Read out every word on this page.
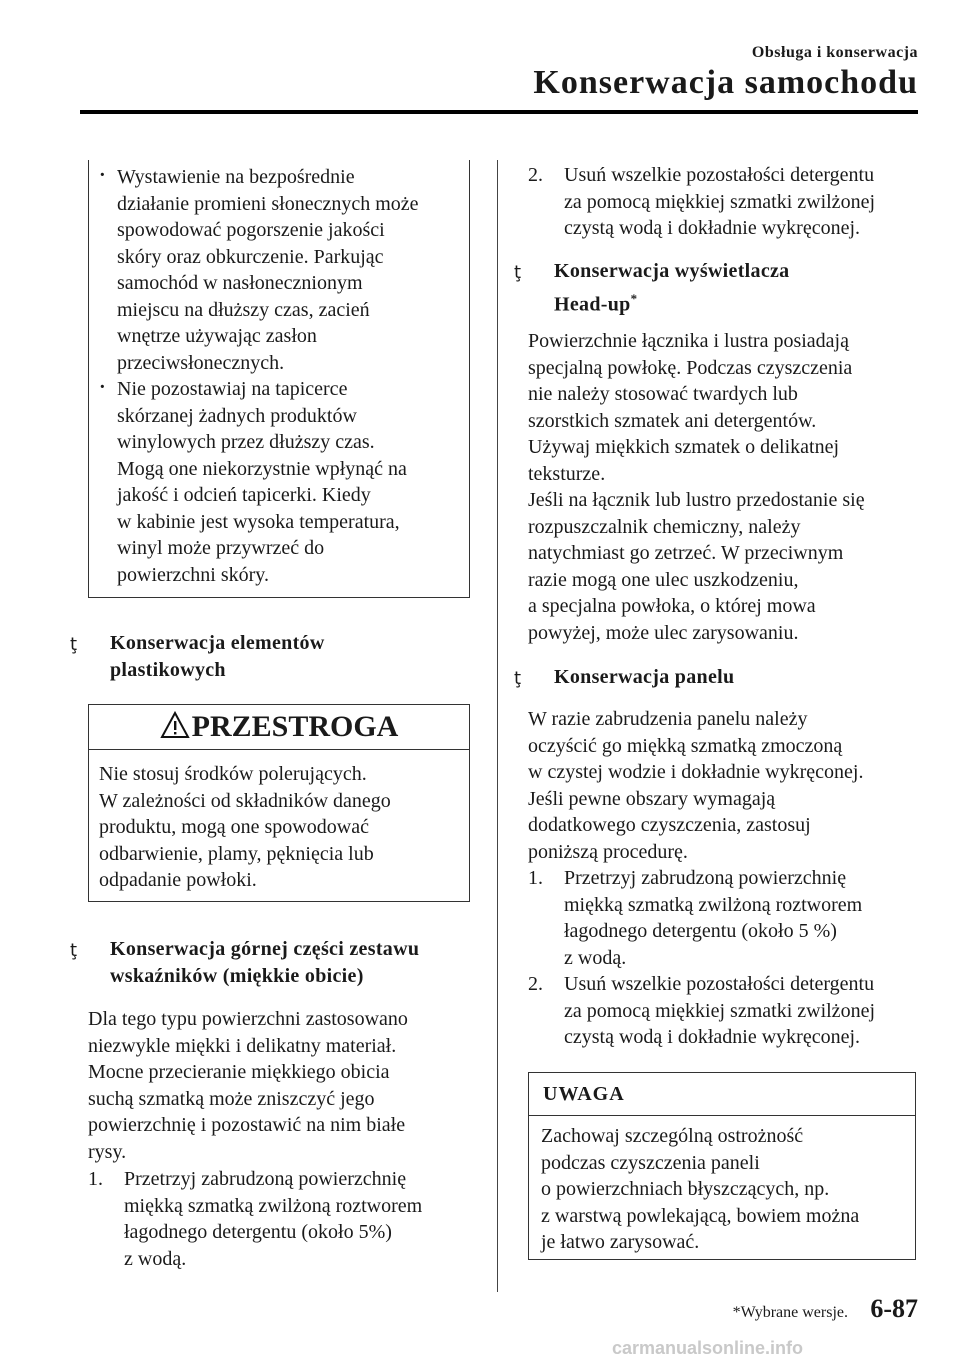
Obsługa i konserwacja
Konserwacja samochodu
· Wystawienie na bezpośrednie
działanie promieni słonecznych może
spowodować pogorszenie jakości
skóry oraz obkurczenie. Parkując
samochód w nasłonecznionym
miejscu na dłuższy czas, zacień
wnętrze używając zasłon
przeciwsłonecznych.
· Nie pozostawiaj na tapicerce
skórzanej żadnych produktów
winylowych przez dłuższy czas.
Mogą one niekorzystnie wpłynąć na
jakość i odcień tapicerki. Kiedy
w kabinie jest wysoka temperatura,
winyl może przywrzeć do
powierzchni skóry.
ţ Konserwacja elementów
plastikowych
PRZESTROGA
Nie stosuj środków polerujących.
W zależności od składników danego
produktu, mogą one spowodować
odbarwienie, plamy, pęknięcia lub
odpadanie powłoki.
ţ Konserwacja górnej części zestawu
wskaźników (miękkie obicie)
Dla tego typu powierzchni zastosowano
niezwykle miękki i delikatny materiał.
Mocne przecieranie miękkiego obicia
suchą szmatką może zniszczyć jego
powierzchnię i pozostawić na nim białe
rysy.
1. Przetrzyj zabrudzoną powierzchnię
miękką szmatką zwilżoną roztworem
łagodnego detergentu (około 5%)
z wodą.
2. Usuń wszelkie pozostałości detergentu
za pomocą miękkiej szmatki zwilżonej
czystą wodą i dokładnie wykręconej.
ţ Konserwacja wyświetlacza
Head-up*
Powierzchnie łącznika i lustra posiadają
specjalną powłokę. Podczas czyszczenia
nie należy stosować twardych lub
szorstkich szmatek ani detergentów.
Używaj miękkich szmatek o delikatnej
teksturze.
Jeśli na łącznik lub lustro przedostanie się
rozpuszczalnik chemiczny, należy
natychmiast go zetrzeć. W przeciwnym
razie mogą one ulec uszkodzeniu,
a specjalna powłoka, o której mowa
powyżej, może ulec zarysowaniu.
ţ Konserwacja panelu
W razie zabrudzenia panelu należy
oczyścić go miękką szmatką zmoczoną
w czystej wodzie i dokładnie wykręconej.
Jeśli pewne obszary wymagają
dodatkowego czyszczenia, zastosuj
poniższą procedurę.
1. Przetrzyj zabrudzoną powierzchnię
miękką szmatką zwilżoną roztworem
łagodnego detergentu (około 5 %)
z wodą.
2. Usuń wszelkie pozostałości detergentu
za pomocą miękkiej szmatki zwilżonej
czystą wodą i dokładnie wykręconej.
UWAGA
Zachowaj szczególną ostrożność
podczas czyszczenia paneli
o powierzchniach błyszczących, np.
z warstwą powlekającą, bowiem można
je łatwo zarysować.
*Wybrane wersje. 6-87
carmanualsonline.info
